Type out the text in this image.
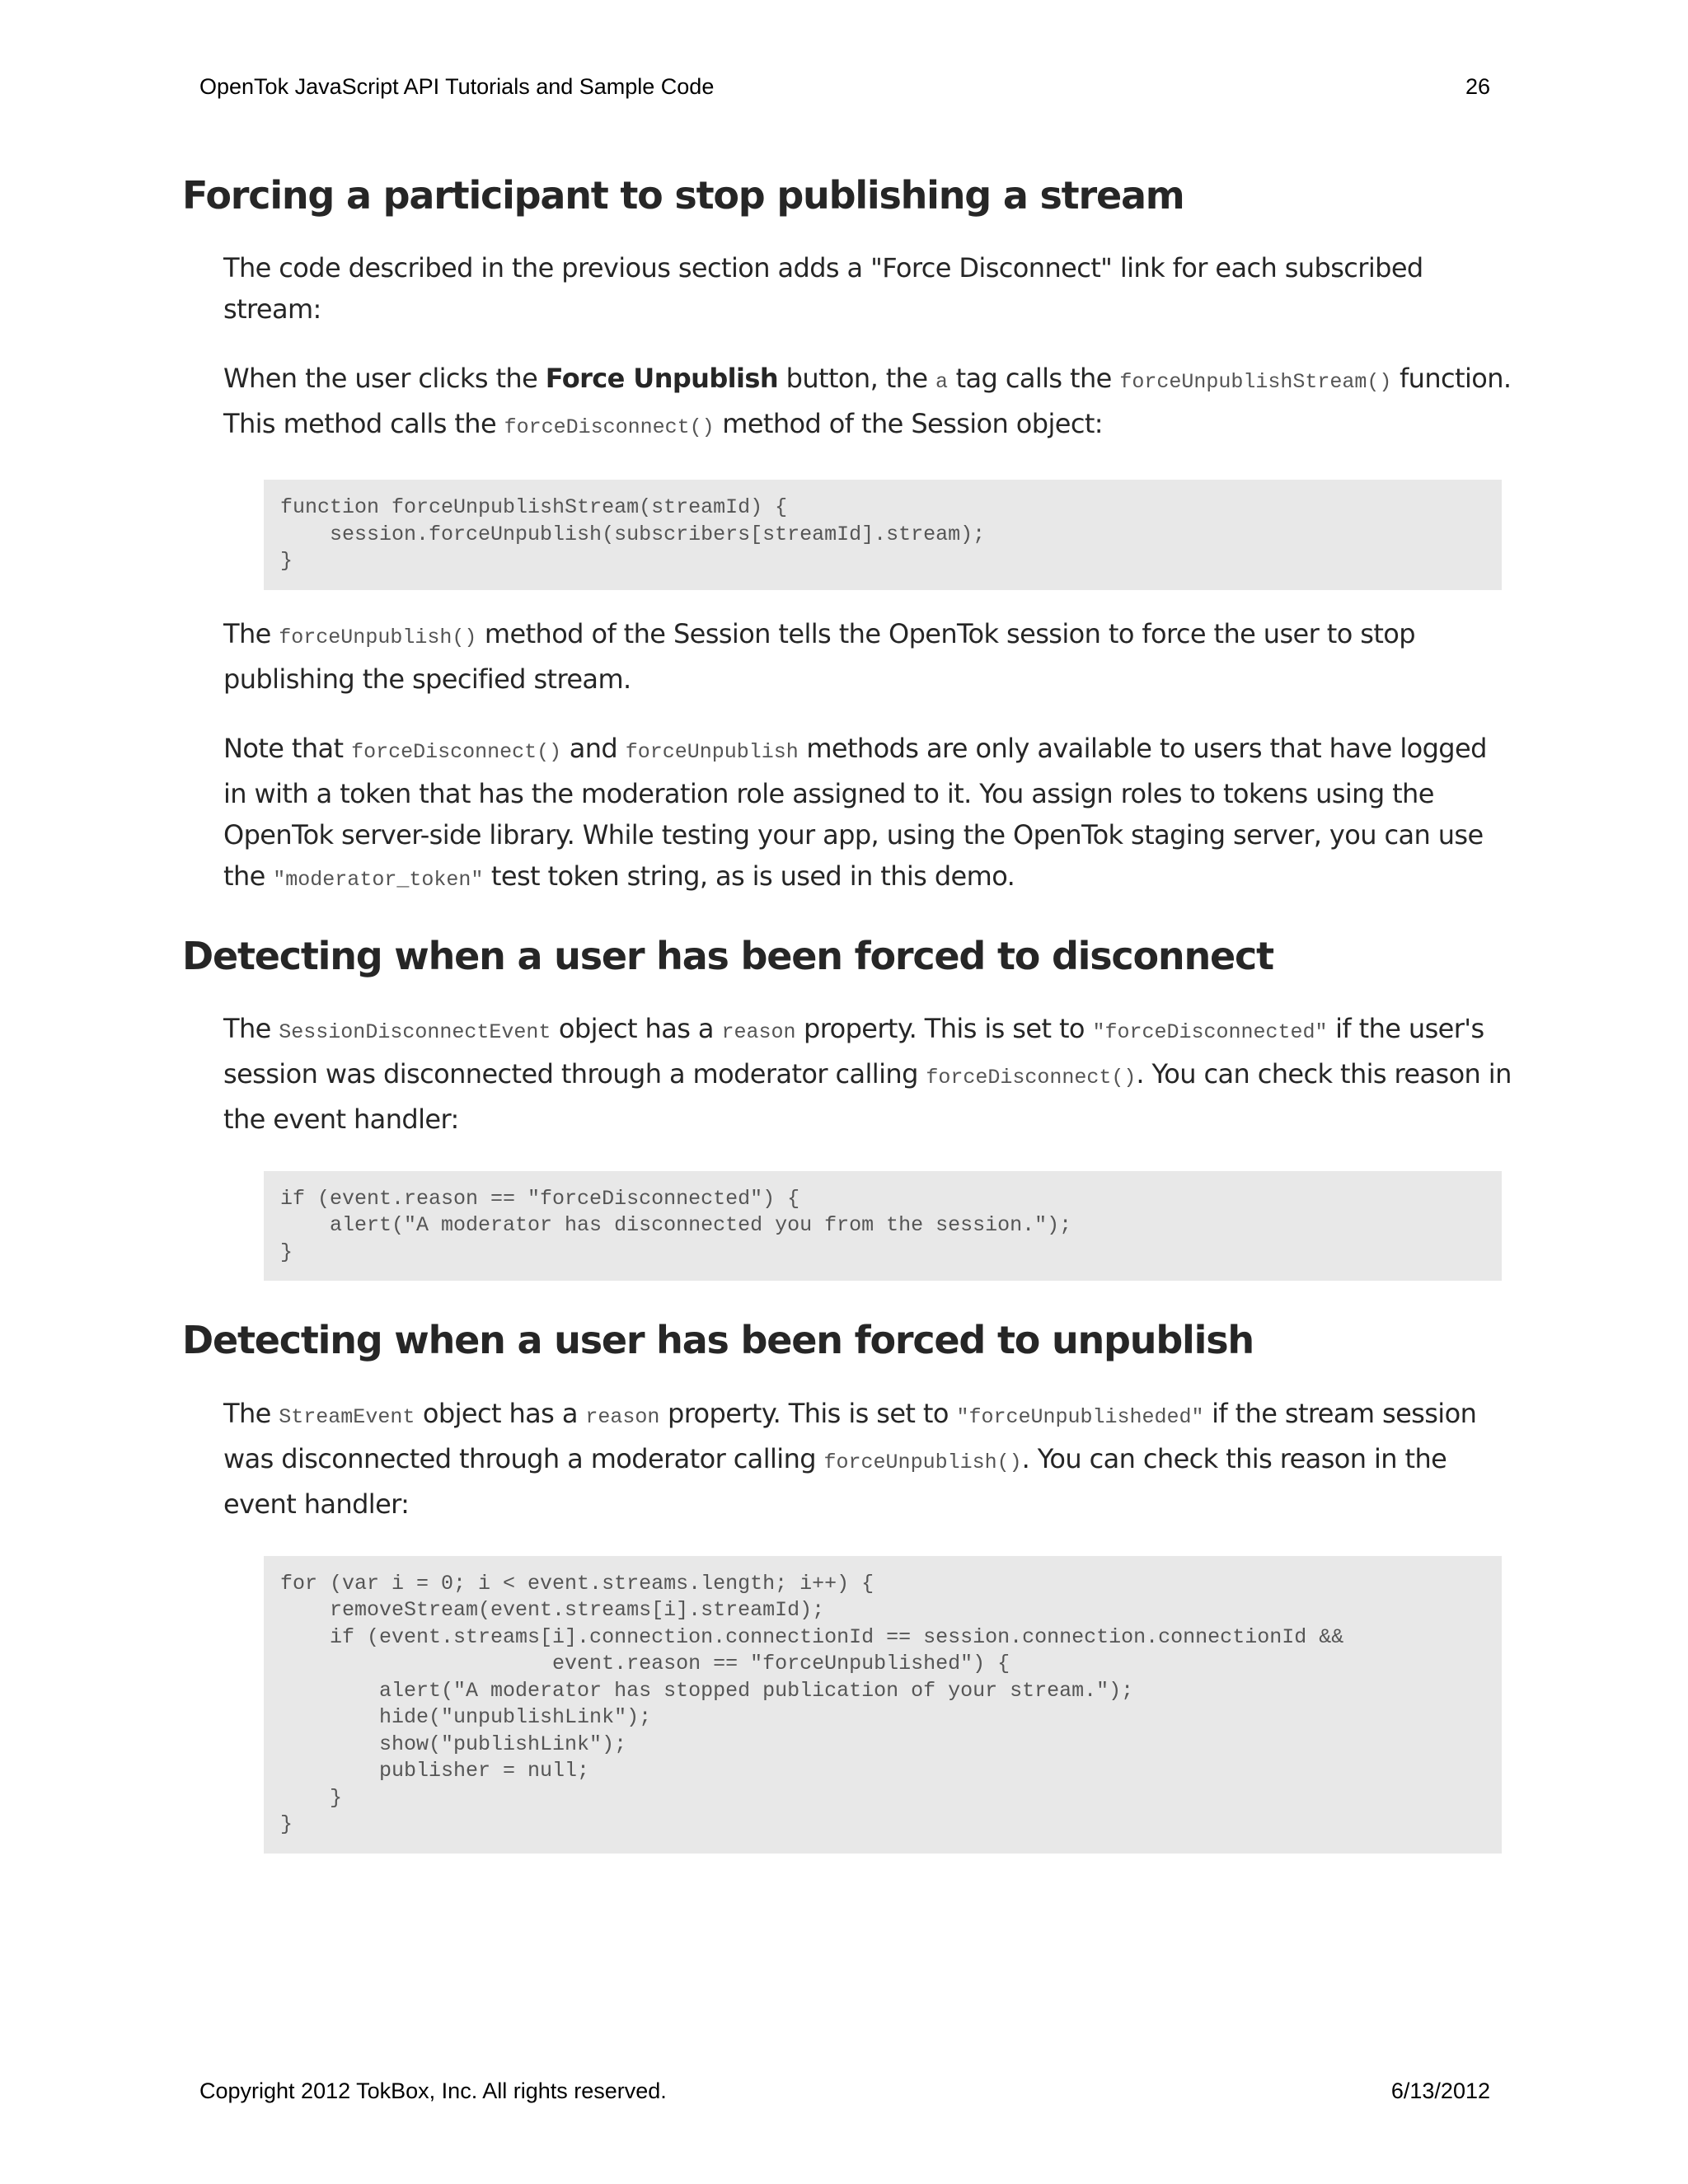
OpenTok JavaScript API Tutorials and Sample Code	26
Forcing a participant to stop publishing a stream

The code described in the previous section adds a "Force Disconnect" link for each subscribed stream:

When the user clicks the Force Unpublish button, the a tag calls the forceUnpublishStream() function. This method calls the forceDisconnect() method of the Session object:

function forceUnpublishStream(streamId) {
session.forceUnpublish(subscribers[streamId].stream);
}

The forceUnpublish() method of the Session tells the OpenTok session to force the user to stop publishing the specified stream.

Note that forceDisconnect() and forceUnpublish methods are only available to users that have logged in with a token that has the moderation role assigned to it. You assign roles to tokens using the OpenTok server-side library. While testing your app, using the OpenTok staging server, you can use the "moderator_token" test token string, as is used in this demo.

Detecting when a user has been forced to disconnect

The SessionDisconnectEvent object has a reason property. This is set to "forceDisconnected" if the user's session was disconnected through a moderator calling forceDisconnect(). You can check this reason in the event handler:

if (event.reason == "forceDisconnected") {
alert("A moderator has disconnected you from the session.");
}
Detecting when a user has been forced to unpublish

The StreamEvent object has a reason property. This is set to "forceUnpublisheded" if the stream session was disconnected through a moderator calling forceUnpublish(). You can check this reason in the event handler:

for (var i = 0; i < event.streams.length; i++) {
removeStream(event.streams[i].streamId);
if (event.streams[i].connection.connectionId == session.connection.connectionId &&
event.reason == "forceUnpublished") {
alert("A moderator has stopped publication of your stream.");
hide("unpublishLink");
show("publishLink");
publisher = null;
}
}
Copyright 2012 TokBox, Inc. All rights reserved.	6/13/2012
